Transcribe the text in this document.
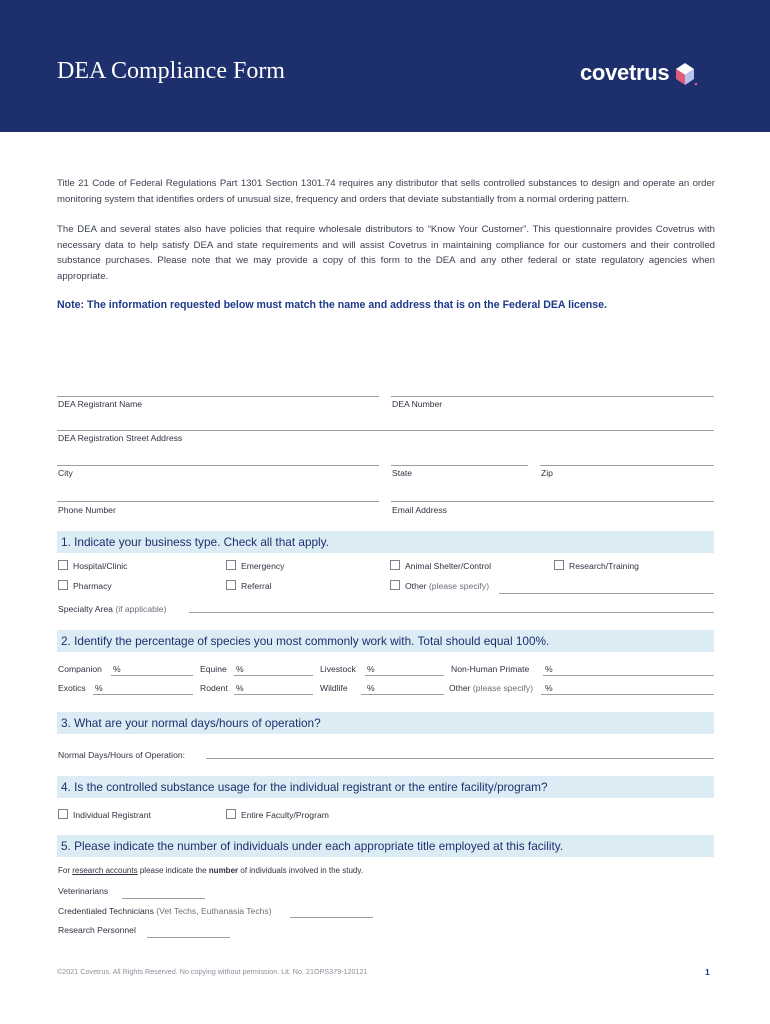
DEA Compliance Form	covetrus

Title 21 Code of Federal Regulations Part 1301 Section 1301.74 requires any distributor that sells controlled substances to design and operate an order monitoring system that identifies orders of unusual size, frequency and orders that deviate substantially from a normal ordering pattern.

The DEA and several states also have policies that require wholesale distributors to “Know Your Customer”. This questionnaire provides Covetrus with necessary data to help satisfy DEA and state requirements and will assist Covetrus in maintaining compliance for our customers and their controlled substance purchases. Please note that we may provide a copy of this form to the DEA and any other federal or state regulatory agencies when appropriate.

Note: The information requested below must match the name and address that is on the Federal DEA license.
DEA Registrant Name	DEA Number
DEA Registration Street Address
City	State	Zip
Phone Number	Email Address
1. Indicate your business type. Check all that apply.
Hospital/Clinic	Emergency	Animal Shelter/Control	Research/Training
Pharmacy	Referral	Other (please specify)
Specialty Area (if applicable)
2. Identify the percentage of species you most commonly work with. Total should equal 100%.
Companion %	Equine %	Livestock %	Non-Human Primate %
Exotics %	Rodent %	Wildlife %	Other (please specify) %
3. What are your normal days/hours of operation?
Normal Days/Hours of Operation:
4. Is the controlled substance usage for the individual registrant or the entire facility/program?
Individual Registrant	Entire Faculty/Program
5. Please indicate the number of individuals under each appropriate title employed at this facility.
For research accounts please indicate the number of individuals involved in the study.
Veterinarians
Credentialed Technicians (Vet Techs, Euthanasia Techs)
Research Personnel
©2021 Covetrus. All Rights Reserved. No copying without permission. Lit. No. 21OPS379-120121	1
